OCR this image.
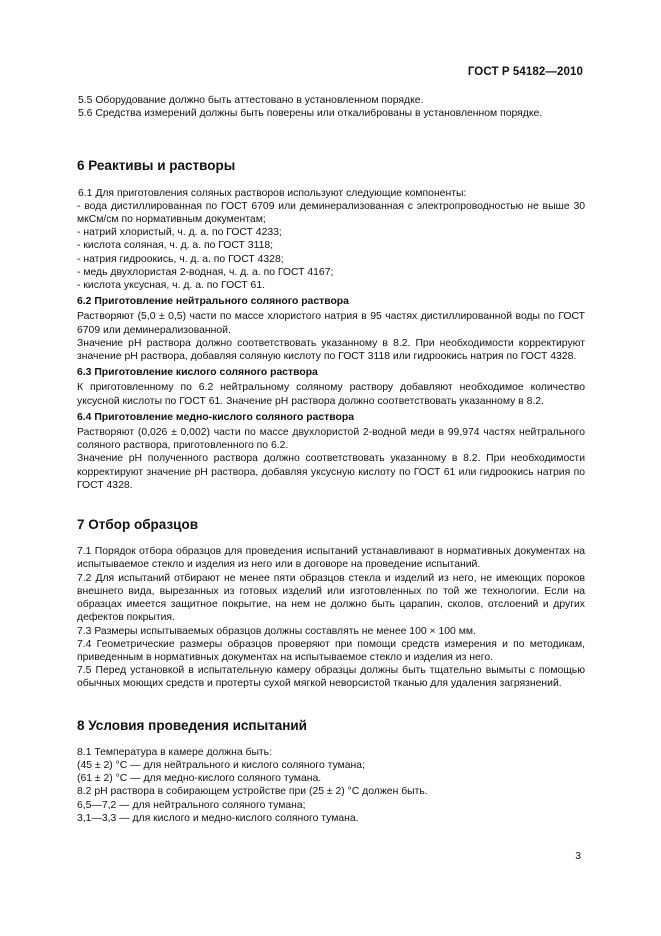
ГОСТ Р 54182—2010

5.5 Оборудование должно быть аттестовано в установленном порядке.

5.6 Средства измерений должны быть поверены или откалиброваны в установленном порядке.

6 Реактивы и растворы

6.1 Для приготовления соляных растворов используют следующие компоненты:

- вода дистиллированная по ГОСТ 6709 или деминерализованная с электропроводностью не выше 30 мкСм/см по нормативным документам;

- натрий хлористый, ч. д. а. по ГОСТ 4233;

- кислота соляная, ч. д. а. по ГОСТ 3118;

- натрия гидроокись, ч. д. а. по ГОСТ 4328;

- медь двухлористая 2-водная, ч. д. а. по ГОСТ 4167;

- кислота уксусная, ч. д. а. по ГОСТ 61.

6.2 Приготовление нейтрального соляного раствора

Растворяют (5,0 ± 0,5) части по массе хлористого натрия в 95 частях дистиллированной воды по ГОСТ 6709 или деминерализованной.

Значение pH раствора должно соответствовать указанному в 8.2. При необходимости корректируют значение pH раствора, добавляя соляную кислоту по ГОСТ 3118 или гидроокись натрия по ГОСТ 4328.

6.3 Приготовление кислого соляного раствора

К приготовленному по 6.2 нейтральному соляному раствору добавляют необходимое количество уксусной кислоты по ГОСТ 61. Значение pH раствора должно соответствовать указанному в 8.2.

6.4 Приготовление медно-кислого соляного раствора

Растворяют (0,026 ± 0,002) части по массе двухлористой 2-водной меди в 99,974 частях нейтрального соляного раствора, приготовленного по 6.2.

Значение pH полученного раствора должно соответствовать указанному в 8.2. При необходимости корректируют значение pH раствора, добавляя уксусную кислоту по ГОСТ 61 или гидроокись натрия по ГОСТ 4328.

7 Отбор образцов

7.1 Порядок отбора образцов для проведения испытаний устанавливают в нормативных документах на испытываемое стекло и изделия из него или в договоре на проведение испытаний.

7.2 Для испытаний отбирают не менее пяти образцов стекла и изделий из него, не имеющих пороков внешнего вида, вырезанных из готовых изделий или изготовленных по той же технологии. Если на образцах имеется защитное покрытие, на нем не должно быть царапин, сколов, отслоений и других дефектов покрытия.

7.3 Размеры испытываемых образцов должны составлять не менее 100 × 100 мм.

7.4 Геометрические размеры образцов проверяют при помощи средств измерения и по методикам, приведенным в нормативных документах на испытываемое стекло и изделия из него.

7.5 Перед установкой в испытательную камеру образцы должны быть тщательно вымыты с помощью обычных моющих средств и протерты сухой мягкой неворсистой тканью для удаления загрязнений.

8 Условия проведения испытаний

8.1 Температура в камере должна быть:

(45 ± 2) °С — для нейтрального и кислого соляного тумана;

(61 ± 2) °С — для медно-кислого соляного тумана.

8.2 pH раствора в собирающем устройстве при (25 ± 2) °С должен быть.

6,5—7,2 — для нейтрального соляного тумана;

3,1—3,3 — для кислого и медно-кислого соляного тумана.

3
